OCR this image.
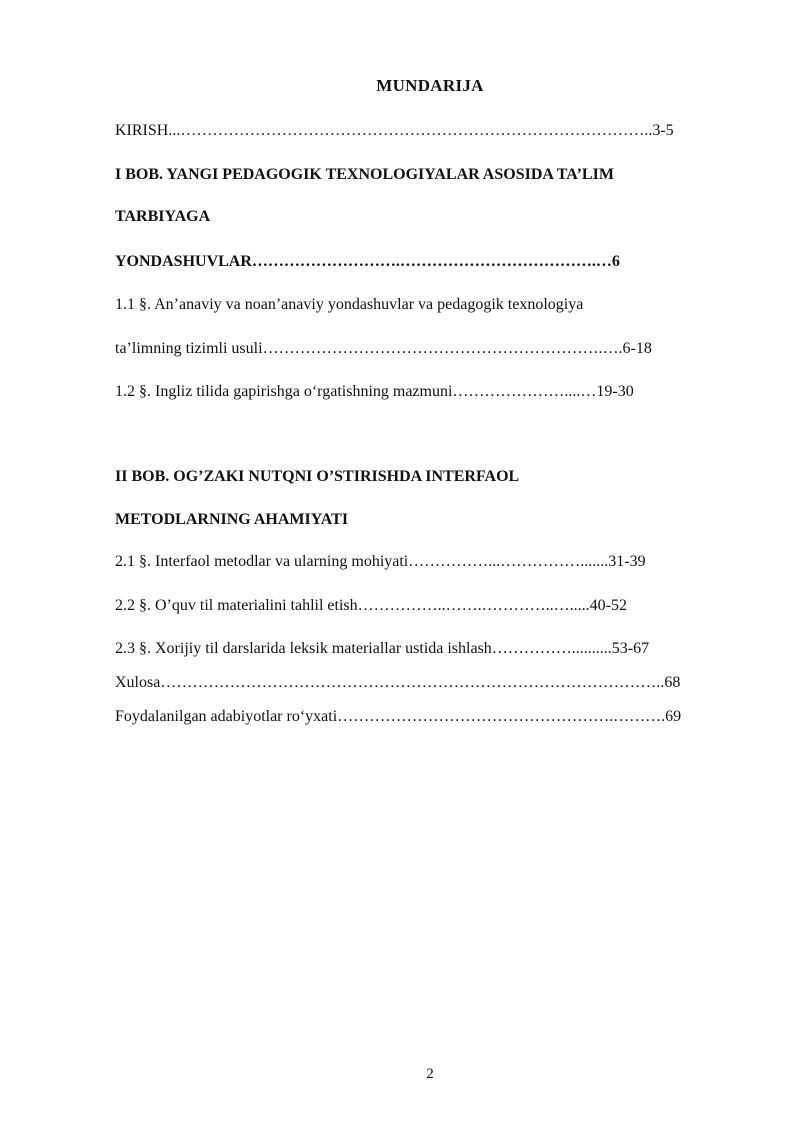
MUNDARIJA
KIRISH...……………………………………………………………………………..3-5
I BOB. YANGI PEDAGOGIK TEXNOLOGIYALAR ASOSIDA TA’LIM
TARBIYAGA
YONDASHUVLAR……………………….……………………………….…6
1.1 §. An’anaviy va noan’anaviy yondashuvlar va pedagogik texnologiya
ta’limning tizimli usuli……………………………………………………….….6-18
1.2 §. Ingliz tilida gapirishga o‘rgatishning mazmuni…………………....…19-30
II BOB. OG’ZAKI NUTQNI O’STIRISHDA INTERFAOL
METODLARNING AHAMIYATI
2.1 §. Interfaol metodlar va ularning mohiyati……………...…………….......31-39
2.2 §. O’quv til materialini tahlil etish……………..…….…………..….....40-52
2.3 §. Xorijiy til darslarida leksik materiallar ustida ishlash……………..........53-67
Xulosa…………………………………………………………………………………..68
Foydalanilgan adabiyotlar ro‘yxati…………………………………………….……….69
2
